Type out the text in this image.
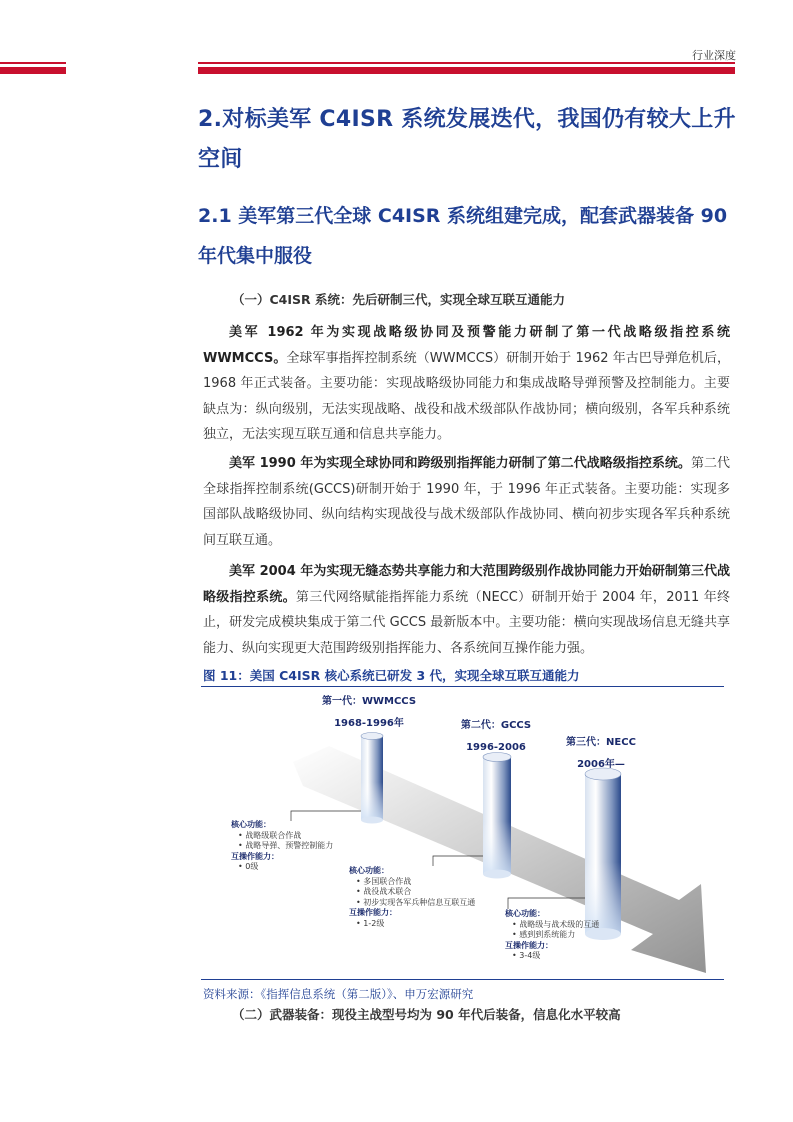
行业深度
2.对标美军 C4ISR 系统发展迭代，我国仍有较大上升空间
2.1 美军第三代全球 C4ISR 系统组建完成，配套武器装备 90 年代集中服役
（一）C4ISR 系统：先后研制三代，实现全球互联互通能力

美军 1962 年为实现战略级协同及预警能力研制了第一代战略级指控系统 WWMCCS。全球军事指挥控制系统（WWMCCS）研制开始于 1962 年古巴导弹危机后，1968 年正式装备。主要功能：实现战略级协同能力和集成战略导弹预警及控制能力。主要缺点为：纵向级别，无法实现战略、战役和战术级部队作战协同；横向级别，各军兵种系统独立，无法实现互联互通和信息共享能力。

美军 1990 年为实现全球协同和跨级别指挥能力研制了第二代战略级指控系统。第二代全球指挥控制系统(GCCS)研制开始于 1990 年，于 1996 年正式装备。主要功能：实现多国部队战略级协同、纵向结构实现战役与战术级部队作战协同、横向初步实现各军兵种系统间互联互通。

美军 2004 年为实现无缝态势共享能力和大范围跨级别作战协同能力开始研制第三代战略级指控系统。第三代网络赋能指挥能力系统（NECC）研制开始于 2004 年，2011 年终止，研发完成模块集成于第二代 GCCS 最新版本中。主要功能：横向实现战场信息无缝共享能力、纵向实现更大范围跨级别指挥能力、各系统间互操作能力强。

图 11：美国 C4ISR 核心系统已研发 3 代，实现全球互联互通能力
第一代：WWMCCS
1968-1996年	第二代：GCCS
1996-2006	第三代：NECC
2006年—
核心功能：
• 战略级联合作战
• 战略导弹、预警控制能力
互操作能力：
• 0级	核心功能：
• 多国联合作战
• 战役战术联合
• 初步实现各军兵种信息互联互通
互操作能力：
• 1-2级
核心功能：
• 战略级与战术级的互通
• 感到到系统能力
互操作能力：
• 3-4级
资料来源：《指挥信息系统（第二版）》、申万宏源研究
（二）武器装备：现役主战型号均为 90 年代后装备，信息化水平较高
